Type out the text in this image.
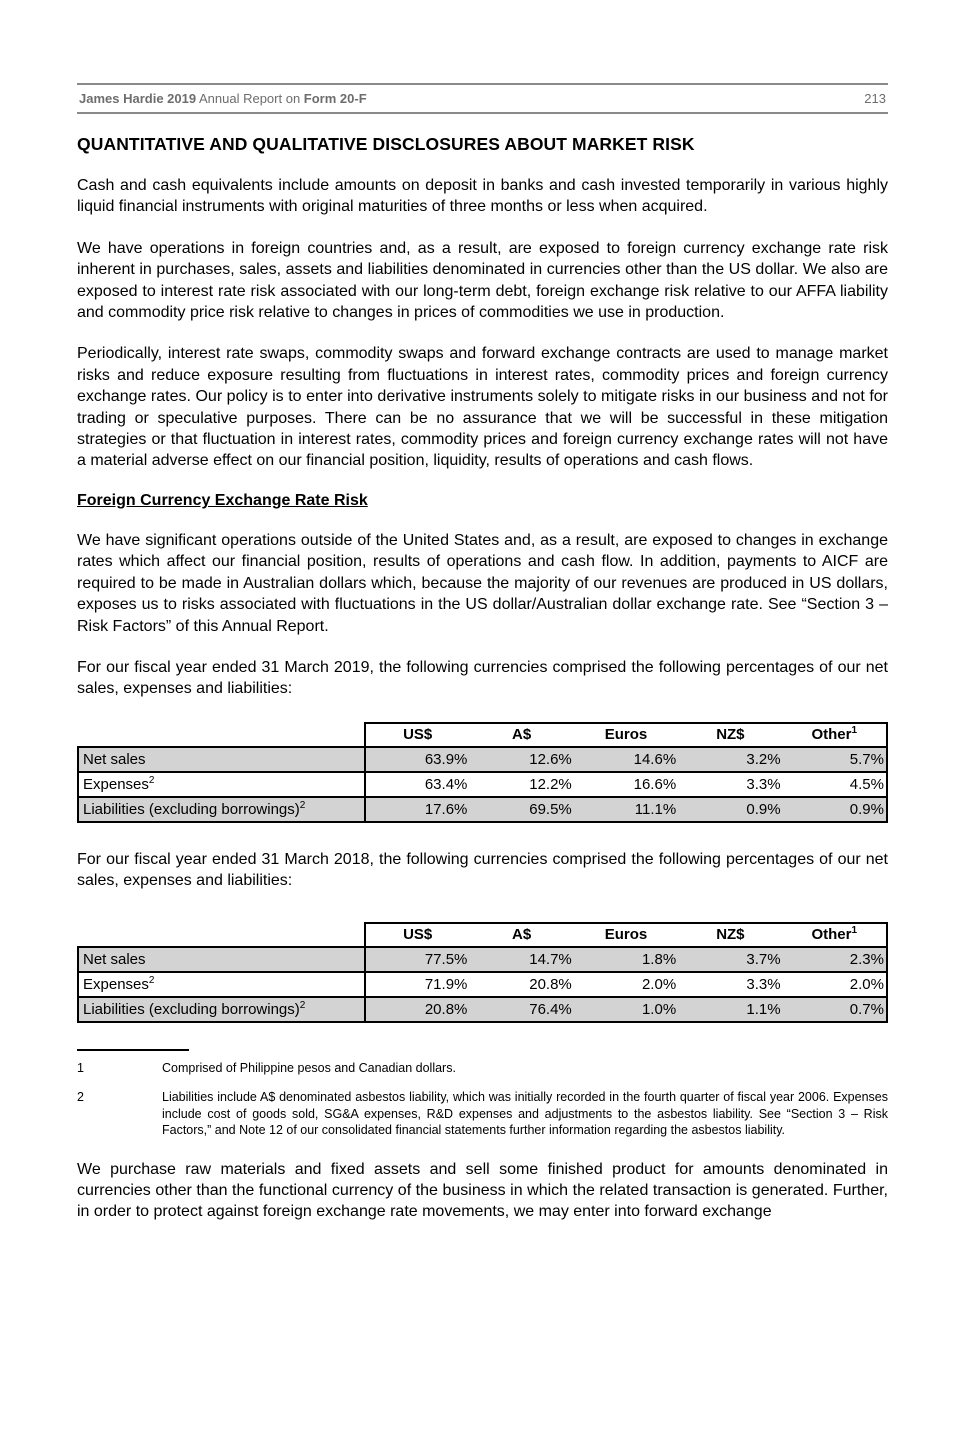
James Hardie 2019 Annual Report on Form 20-F	213
QUANTITATIVE AND QUALITATIVE DISCLOSURES ABOUT MARKET RISK

Cash and cash equivalents include amounts on deposit in banks and cash invested temporarily in various highly liquid financial instruments with original maturities of three months or less when acquired.

We have operations in foreign countries and, as a result, are exposed to foreign currency exchange rate risk inherent in purchases, sales, assets and liabilities denominated in currencies other than the US dollar. We also are exposed to interest rate risk associated with our long-term debt, foreign exchange risk relative to our AFFA liability and commodity price risk relative to changes in prices of commodities we use in production.

Periodically, interest rate swaps, commodity swaps and forward exchange contracts are used to manage market risks and reduce exposure resulting from fluctuations in interest rates, commodity prices and foreign currency exchange rates. Our policy is to enter into derivative instruments solely to mitigate risks in our business and not for trading or speculative purposes. There can be no assurance that we will be successful in these mitigation strategies or that fluctuation in interest rates, commodity prices and foreign currency exchange rates will not have a material adverse effect on our financial position, liquidity, results of operations and cash flows.

Foreign Currency Exchange Rate Risk

We have significant operations outside of the United States and, as a result, are exposed to changes in exchange rates which affect our financial position, results of operations and cash flow. In addition, payments to AICF are required to be made in Australian dollars which, because the majority of our revenues are produced in US dollars, exposes us to risks associated with fluctuations in the US dollar/Australian dollar exchange rate. See “Section 3 – Risk Factors” of this Annual Report.

For our fiscal year ended 31 March 2019, the following currencies comprised the following percentages of our net sales, expenses and liabilities:

	US$	A$	Euros	NZ$	Other$^1$
Net sales	63.9%	12.6%	14.6%	3.2%	5.7%
Expenses$^2$	63.4%	12.2%	16.6%	3.3%	4.5%
Liabilities (excluding borrowings)$^2$	17.6%	69.5%	11.1%	0.9%	0.9%

For our fiscal year ended 31 March 2018, the following currencies comprised the following percentages of our net sales, expenses and liabilities:

	US$	A$	Euros	NZ$	Other$^1$
Net sales	77.5%	14.7%	1.8%	3.7%	2.3%
Expenses$^2$	71.9%	20.8%	2.0%	3.3%	2.0%
Liabilities (excluding borrowings)$^2$	20.8%	76.4%	1.0%	1.1%	0.7%
1	Comprised of Philippine pesos and Canadian dollars.
2	Liabilities include A$ denominated asbestos liability, which was initially recorded in the fourth quarter of fiscal year 2006. Expenses include cost of goods sold, SG&A expenses, R&D expenses and adjustments to the asbestos liability. See “Section 3 – Risk Factors,” and Note 12 of our consolidated financial statements further information regarding the asbestos liability.

We purchase raw materials and fixed assets and sell some finished product for amounts denominated in currencies other than the functional currency of the business in which the related transaction is generated. Further, in order to protect against foreign exchange rate movements, we may enter into forward exchange
